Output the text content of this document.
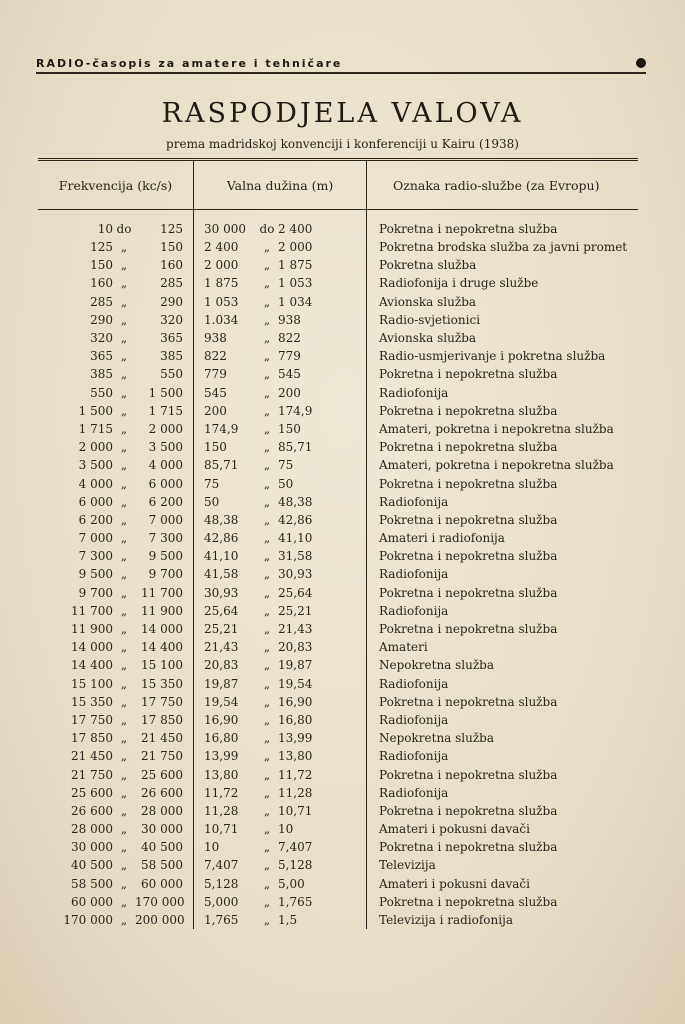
RADIO-časopis za amatere i tehničare
RASPODJELA VALOVA
prema madridskoj konvenciji i konferenciji u Kairu (1938)
Frekvencija (kc/s)	Valna dužina (m)	Oznaka radio-službe (za Evropu)
10 do 125	30 000 do 2 400	Pokretna i nepokretna služba
125 „ 150	2 400 „ 2 000	Pokretna brodska služba za javni promet
150 „ 160	2 000 „ 1 875	Pokretna služba
160 „ 285	1 875 „ 1 053	Radiofonija i druge službe
285 „ 290	1 053 „ 1 034	Avionska služba
290 „ 320	1.034 „ 938	Radio-svjetionici
320 „ 365	938 „ 822	Avionska služba
365 „ 385	822 „ 779	Radio-usmjerivanje i pokretna služba
385 „ 550	779 „ 545	Pokretna i nepokretna služba
550 „ 1 500	545 „ 200	Radiofonija
1 500 „ 1 715	200 „ 174,9	Pokretna i nepokretna služba
1 715 „ 2 000	174,9 „ 150	Amateri, pokretna i nepokretna služba
2 000 „ 3 500	150 „ 85,71	Pokretna i nepokretna služba
3 500 „ 4 000	85,71 „ 75	Amateri, pokretna i nepokretna služba
4 000 „ 6 000	75 „ 50	Pokretna i nepokretna služba
6 000 „ 6 200	50 „ 48,38	Radiofonija
6 200 „ 7 000	48,38 „ 42,86	Pokretna i nepokretna služba
7 000 „ 7 300	42,86 „ 41,10	Amateri i radiofonija
7 300 „ 9 500	41,10 „ 31,58	Pokretna i nepokretna služba
9 500 „ 9 700	41,58 „ 30,93	Radiofonija
9 700 „ 11 700	30,93 „ 25,64	Pokretna i nepokretna služba
11 700 „ 11 900	25,64 „ 25,21	Radiofonija
11 900 „ 14 000	25,21 „ 21,43	Pokretna i nepokretna služba
14 000 „ 14 400	21,43 „ 20,83	Amateri
14 400 „ 15 100	20,83 „ 19,87	Nepokretna služba
15 100 „ 15 350	19,87 „ 19,54	Radiofonija
15 350 „ 17 750	19,54 „ 16,90	Pokretna i nepokretna služba
17 750 „ 17 850	16,90 „ 16,80	Radiofonija
17 850 „ 21 450	16,80 „ 13,99	Nepokretna služba
21 450 „ 21 750	13,99 „ 13,80	Radiofonija
21 750 „ 25 600	13,80 „ 11,72	Pokretna i nepokretna služba
25 600 „ 26 600	11,72 „ 11,28	Radiofonija
26 600 „ 28 000	11,28 „ 10,71	Pokretna i nepokretna služba
28 000 „ 30 000	10,71 „ 10	Amateri i pokusni davači
30 000 „ 40 500	10 „ 7,407	Pokretna i nepokretna služba
40 500 „ 58 500	7,407 „ 5,128	Televizija
58 500 „ 60 000	5,128 „ 5,00	Amateri i pokusni davači
60 000 „ 170 000	5,000 „ 1,765	Pokretna i nepokretna služba
170 000 „ 200 000	1,765 „ 1,5	Televizija i radiofonija
